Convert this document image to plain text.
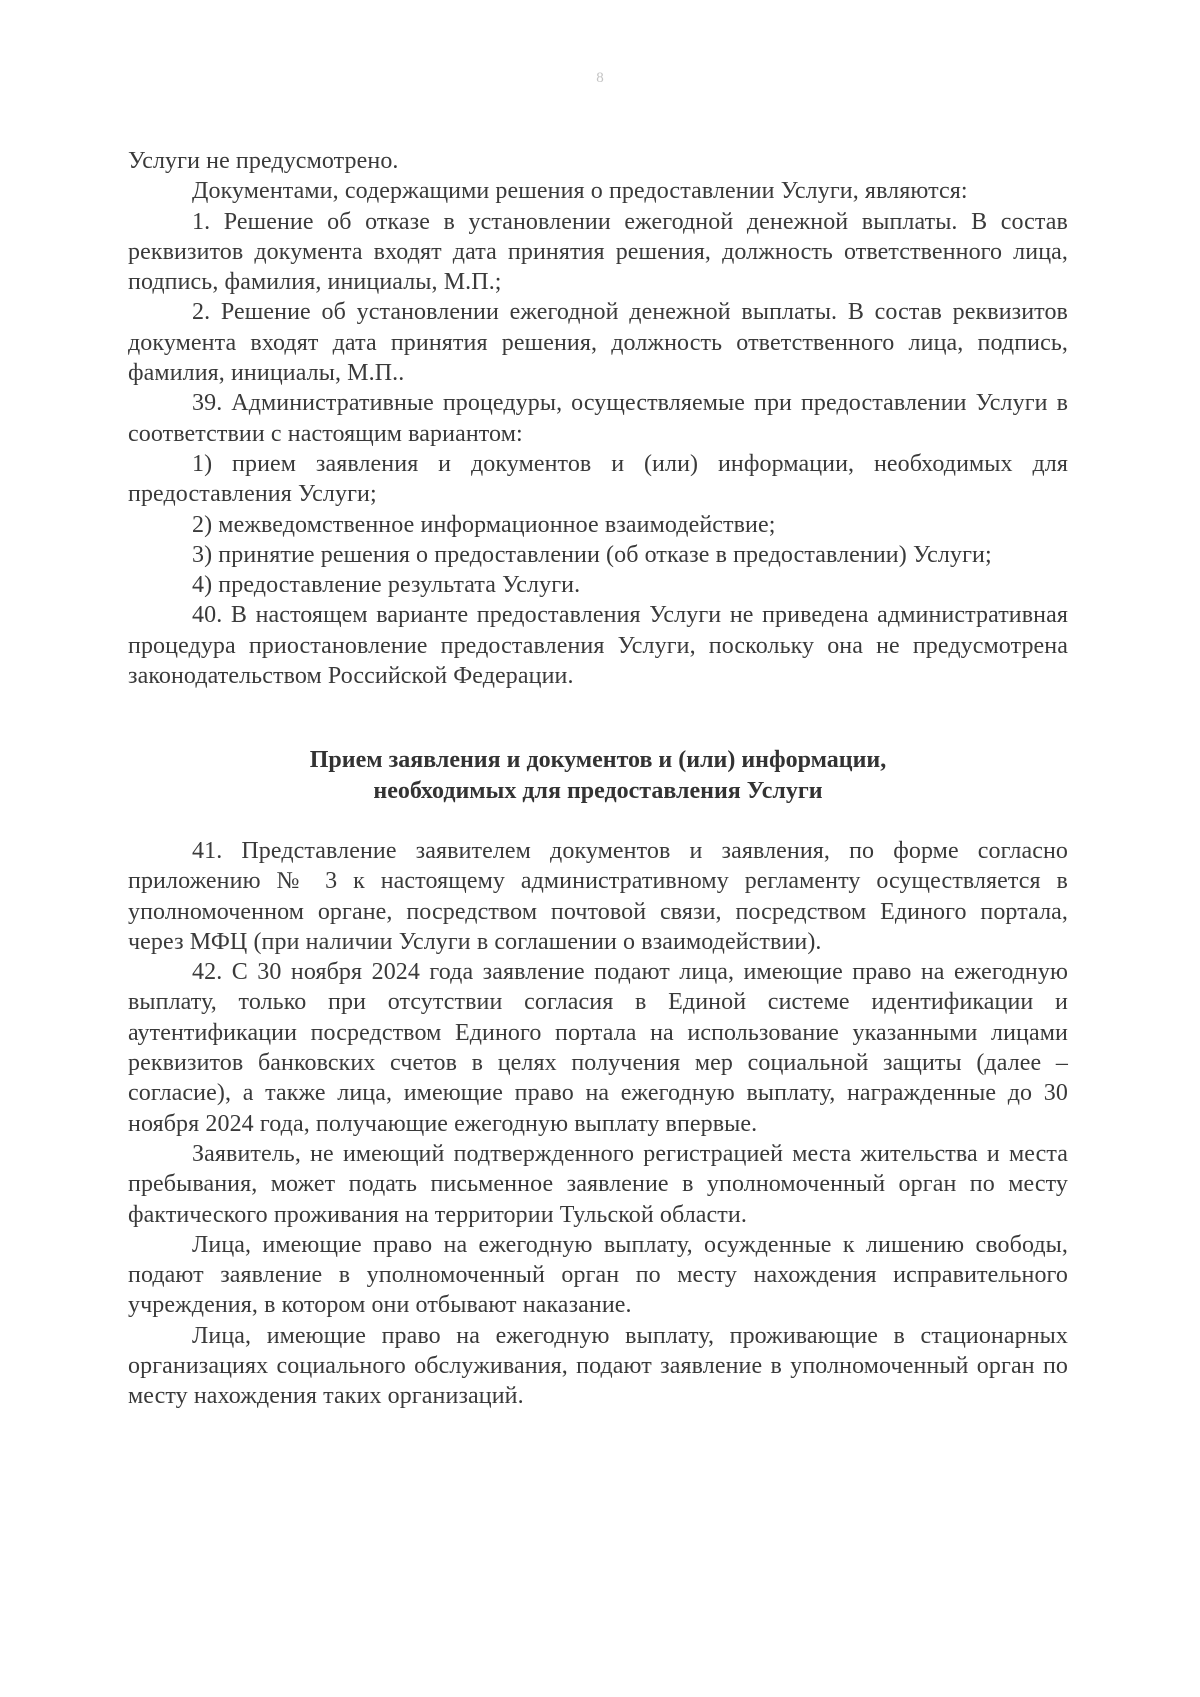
8

Услуги не предусмотрено.

Документами, содержащими решения о предоставлении Услуги, являются:

1. Решение об отказе в установлении ежегодной денежной выплаты. В состав реквизитов документа входят дата принятия решения, должность ответственного лица, подпись, фамилия, инициалы, М.П.;

2. Решение об установлении ежегодной денежной выплаты. В состав реквизитов документа входят дата принятия решения, должность ответственного лица, подпись, фамилия, инициалы, М.П..

39. Административные процедуры, осуществляемые при предоставлении Услуги в соответствии с настоящим вариантом:

1) прием заявления и документов и (или) информации, необходимых для предоставления Услуги;

2) межведомственное информационное взаимодействие;

3) принятие решения о предоставлении (об отказе в предоставлении) Услуги;

4) предоставление результата Услуги.

40. В настоящем варианте предоставления Услуги не приведена административная процедура приостановление предоставления Услуги, поскольку она не предусмотрена законодательством Российской Федерации.

Прием заявления и документов и (или) информации,
необходимых для предоставления Услуги

41. Представление заявителем документов и заявления, по форме согласно приложению № 3 к настоящему административному регламенту осуществляется в уполномоченном органе, посредством почтовой связи, посредством Единого портала, через МФЦ (при наличии Услуги в соглашении о взаимодействии).

42. С 30 ноября 2024 года заявление подают лица, имеющие право на ежегодную выплату, только при отсутствии согласия в Единой системе идентификации и аутентификации посредством Единого портала на использование указанными лицами реквизитов банковских счетов в целях получения мер социальной защиты (далее – согласие), а также лица, имеющие право на ежегодную выплату, награжденные до 30 ноября 2024 года, получающие ежегодную выплату впервые.

Заявитель, не имеющий подтвержденного регистрацией места жительства и места пребывания, может подать письменное заявление в уполномоченный орган по месту фактического проживания на территории Тульской области.

Лица, имеющие право на ежегодную выплату, осужденные к лишению свободы, подают заявление в уполномоченный орган по месту нахождения исправительного учреждения, в котором они отбывают наказание.

Лица, имеющие право на ежегодную выплату, проживающие в стационарных организациях социального обслуживания, подают заявление в уполномоченный орган по месту нахождения таких организаций.
